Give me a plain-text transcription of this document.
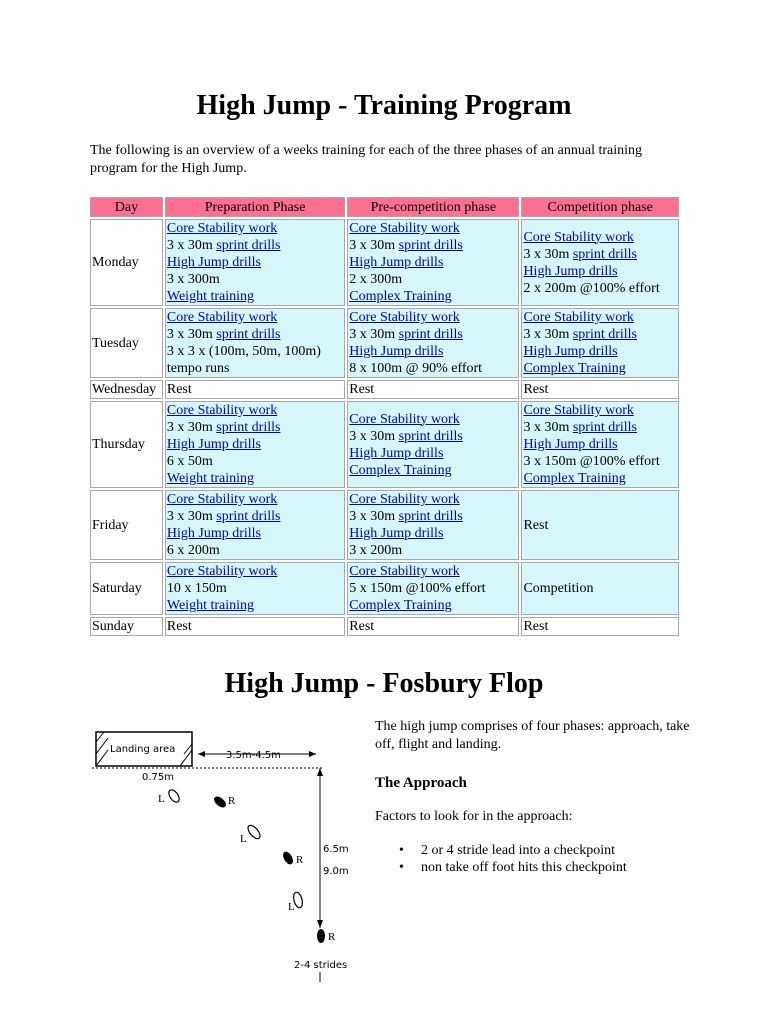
High Jump - Training Program

The following is an overview of a weeks training for each of the three phases of an annual training program for the High Jump.

Day	Preparation Phase	Pre-competition phase	Competition phase
Monday	Core Stability work
3 x 30m sprint drills
High Jump drills
3 x 300m
Weight training	Core Stability work
3 x 30m sprint drills
High Jump drills
2 x 300m
Complex Training	Core Stability work
3 x 30m sprint drills
High Jump drills
2 x 200m @100% effort

Tuesday	Core Stability work
3 x 30m sprint drills
3 x 3 x (100m, 50m, 100m)
tempo runs	Core Stability work
3 x 30m sprint drills
High Jump drills
8 x 100m @ 90% effort	Core Stability work
3 x 30m sprint drills
High Jump drills
Complex Training

Wednesday	Rest	Rest	Rest

Thursday	Core Stability work
3 x 30m sprint drills
High Jump drills
6 x 50m
Weight training	Core Stability work
3 x 30m sprint drills
High Jump drills
Complex Training	Core Stability work
3 x 30m sprint drills
High Jump drills
3 x 150m @100% effort
Complex Training

Friday	Core Stability work
3 x 30m sprint drills
High Jump drills
6 x 200m	Core Stability work
3 x 30m sprint drills
High Jump drills
3 x 200m	Rest

Saturday	Core Stability work
10 x 150m
Weight training	Core Stability work
5 x 150m @100% effort
Complex Training	Competition

Sunday	Rest	Rest	Rest
High Jump - Fosbury Flop
Landing area
3.5m-4.5m
0.75m
6.5m
9.0m
L	R
L
R
L
R
2-4 strides

The high jump comprises of four phases: approach, take off, flight and landing.

The Approach

Factors to look for in the approach:

• 2 or 4 stride lead into a checkpoint
• non take off foot hits this checkpoint
